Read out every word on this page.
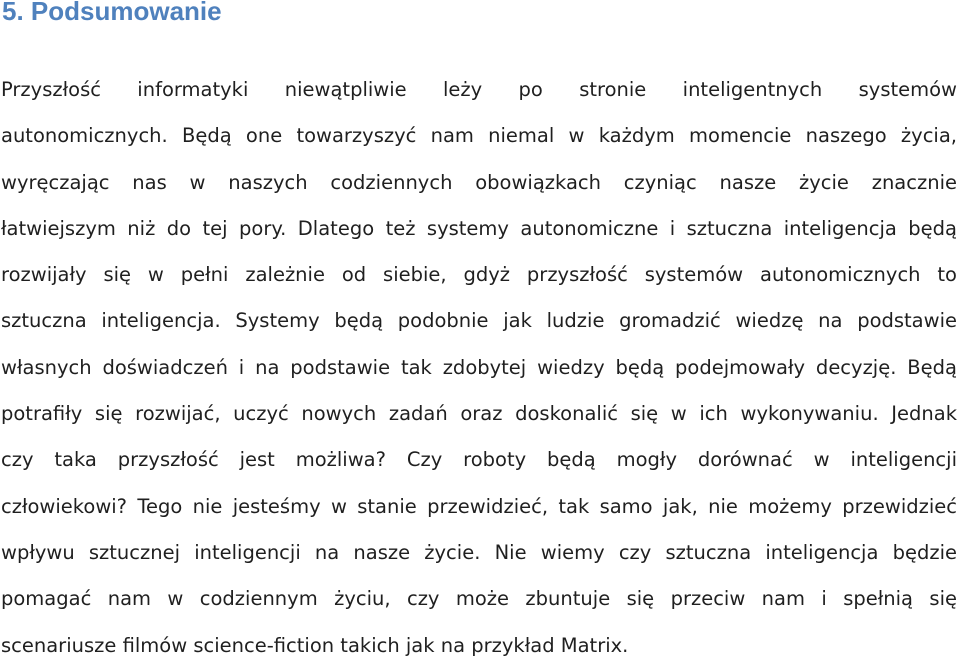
5. Podsumowanie

Przyszłość informatyki niewątpliwie leży po stronie inteligentnych systemów
autonomicznych. Będą one towarzyszyć nam niemal w każdym momencie naszego życia,
wyręczając nas w naszych codziennych obowiązkach czyniąc nasze życie znacznie
łatwiejszym niż do tej pory. Dlatego też systemy autonomiczne i sztuczna inteligencja będą
rozwijały się w pełni zależnie od siebie, gdyż przyszłość systemów autonomicznych to
sztuczna inteligencja. Systemy będą podobnie jak ludzie gromadzić wiedzę na podstawie
własnych doświadczeń i na podstawie tak zdobytej wiedzy będą podejmowały decyzję. Będą
potrafiły się rozwijać, uczyć nowych zadań oraz doskonalić się w ich wykonywaniu. Jednak
czy taka przyszłość jest możliwa? Czy roboty będą mogły dorównać w inteligencji
człowiekowi? Tego nie jesteśmy w stanie przewidzieć, tak samo jak, nie możemy przewidzieć
wpływu sztucznej inteligencji na nasze życie. Nie wiemy czy sztuczna inteligencja będzie
pomagać nam w codziennym życiu, czy może zbuntuje się przeciw nam i spełnią się
scenariusze filmów science-fiction takich jak na przykład Matrix.
